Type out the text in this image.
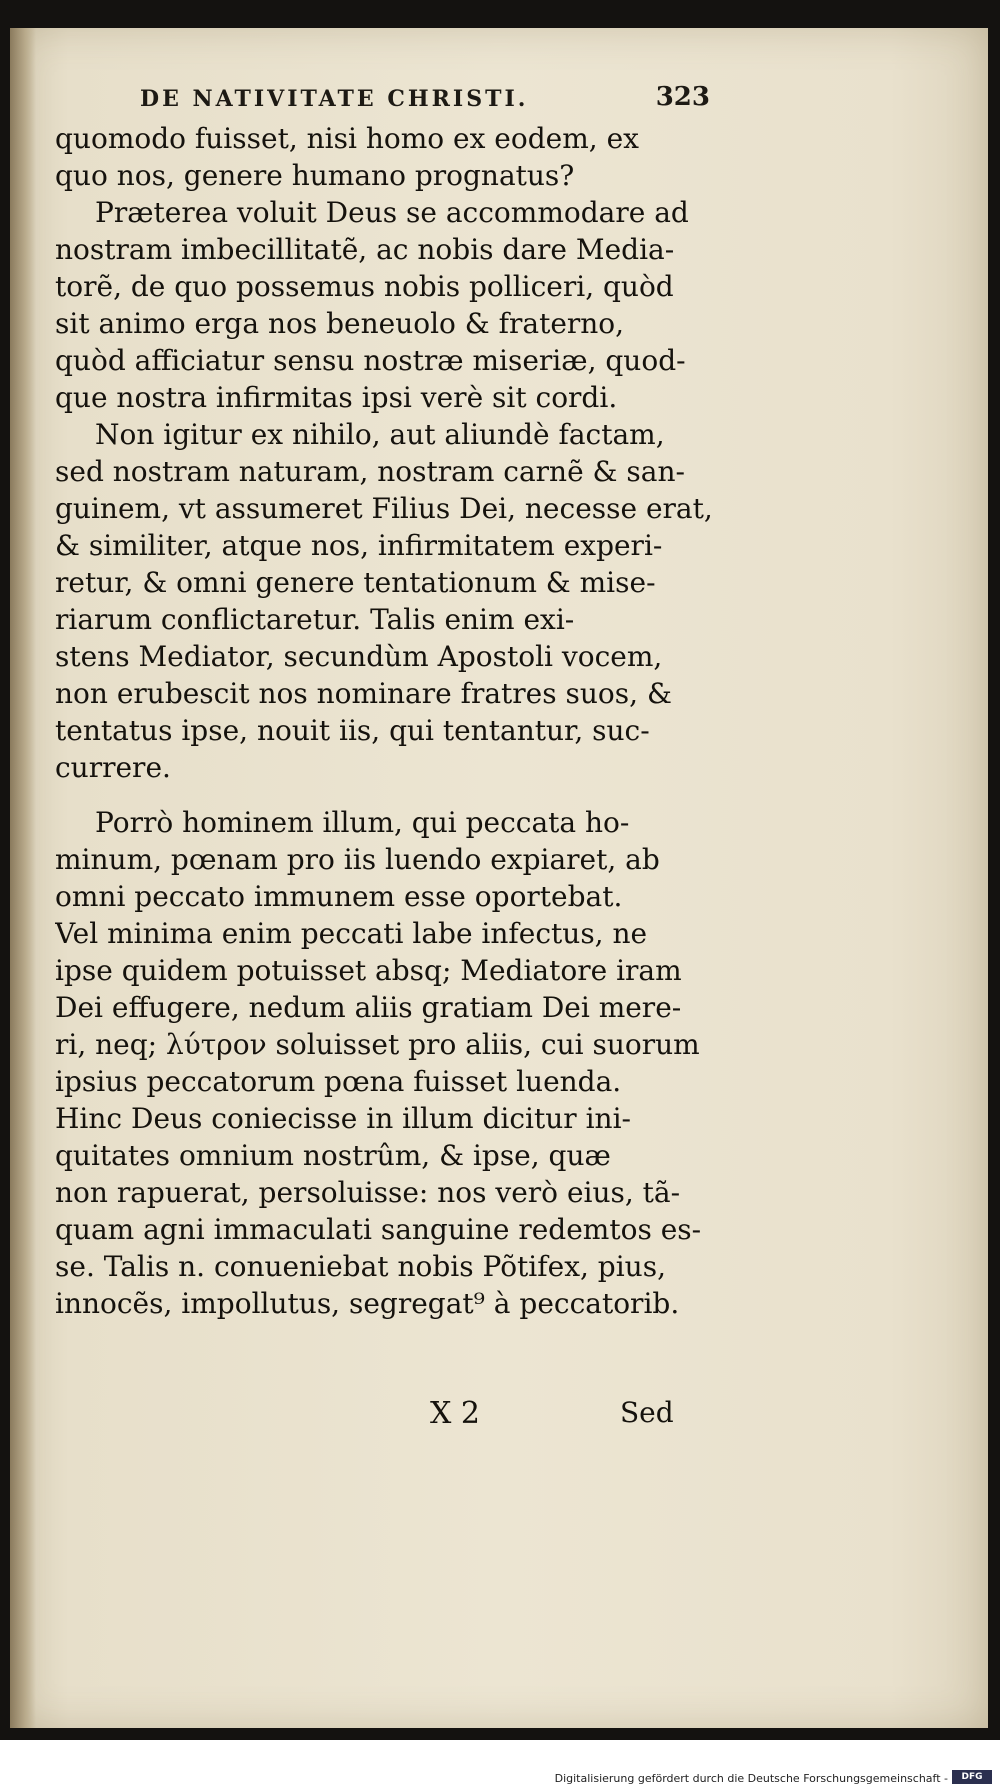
DE NATIVITATE CHRISTI.	323
quomodo fuisset, nisi homo ex eodem, ex
quo nos, genere humano prognatus?
Præterea voluit Deus se accommodare ad
nostram imbecillitatẽ, ac nobis dare Media-
torẽ, de quo possemus nobis polliceri, quòd
sit animo erga nos beneuolo & fraterno,
quòd afficiatur sensu nostræ miseriæ, quod-
que nostra infirmitas ipsi verè sit cordi.
Non igitur ex nihilo, aut aliundè factam,
sed nostram naturam, nostram carnẽ & san-
guinem, vt assumeret Filius Dei, necesse erat,
& similiter, atque nos, infirmitatem experi-
retur, & omni genere tentationum & mise-
riarum conflictaretur. Talis enim exi-
stens Mediator, secundùm Apostoli vocem,
non erubescit nos nominare fratres suos, &
tentatus ipse, nouit iis, qui tentantur, suc-
currere.
Porrò hominem illum, qui peccata ho-
minum, pœnam pro iis luendo expiaret, ab
omni peccato immunem esse oportebat.
Vel minima enim peccati labe infectus, ne
ipse quidem potuisset absq; Mediatore iram
Dei effugere, nedum aliis gratiam Dei mere-
ri, neq; λύτρον soluisset pro aliis, cui suorum
ipsius peccatorum pœna fuisset luenda.
Hinc Deus coniecisse in illum dicitur ini-
quitates omnium nostrûm, & ipse, quæ
non rapuerat, persoluisse: nos verò eius, tã-
quam agni immaculati sanguine redemtos es-
se. Talis n. conueniebat nobis Põtifex, pius,
innocẽs, impollutus, segregat⁹ à peccatorib.
X 2	Sed
Digitalisierung gefördert durch die Deutsche Forschungsgemeinschaft -	DFG
